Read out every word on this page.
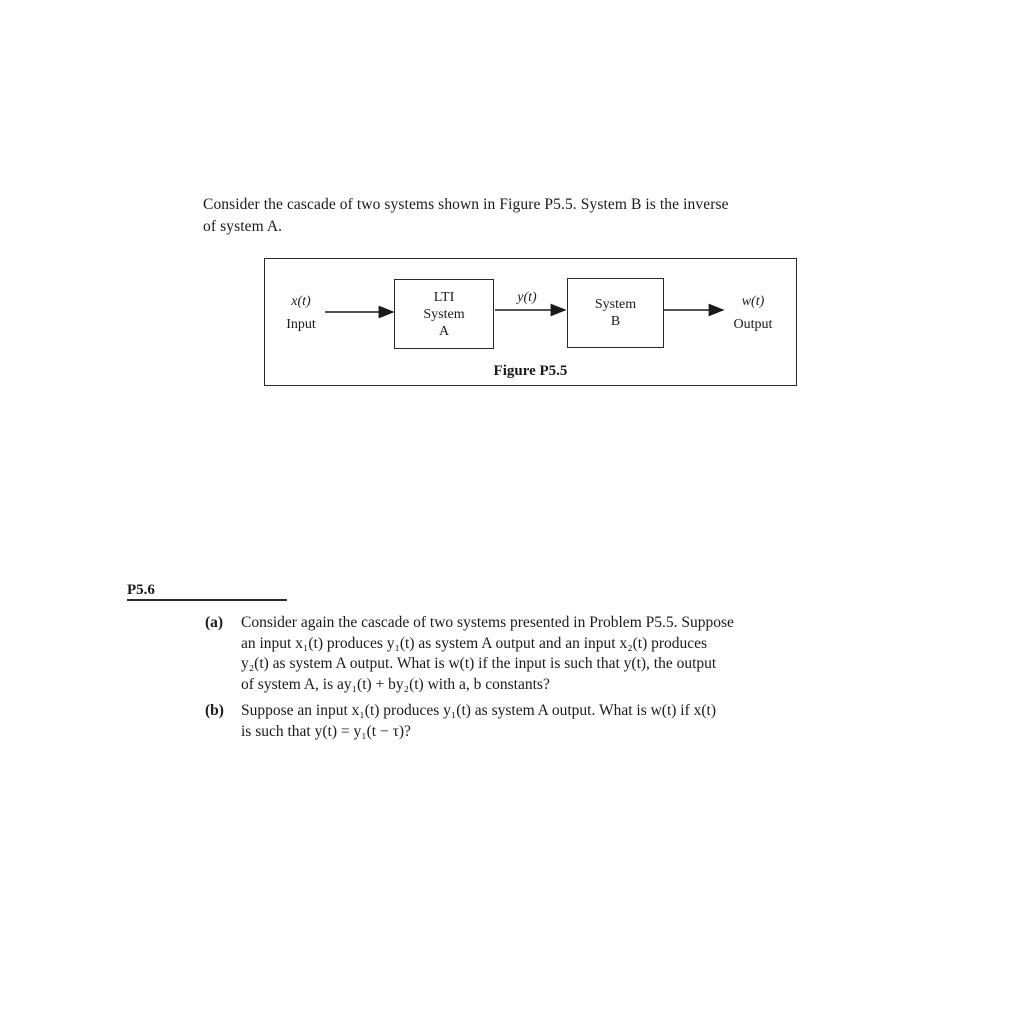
Consider the cascade of two systems shown in Figure P5.5. System B is the inverse
of system A.
x(t)
Input
LTI
System
A
y(t)	System
B
w(t)
Output
Figure P5.5
P5.6
(a) Consider again the cascade of two systems presented in Problem P5.5. Suppose
an input x₁(t) produces y₁(t) as system A output and an input x₂(t) produces
y₂(t) as system A output. What is w(t) if the input is such that y(t), the output
of system A, is ay₁(t) + by₂(t) with a, b constants?
(b) Suppose an input x₁(t) produces y₁(t) as system A output. What is w(t) if x(t)
is such that y(t) = y₁(t − τ)?
